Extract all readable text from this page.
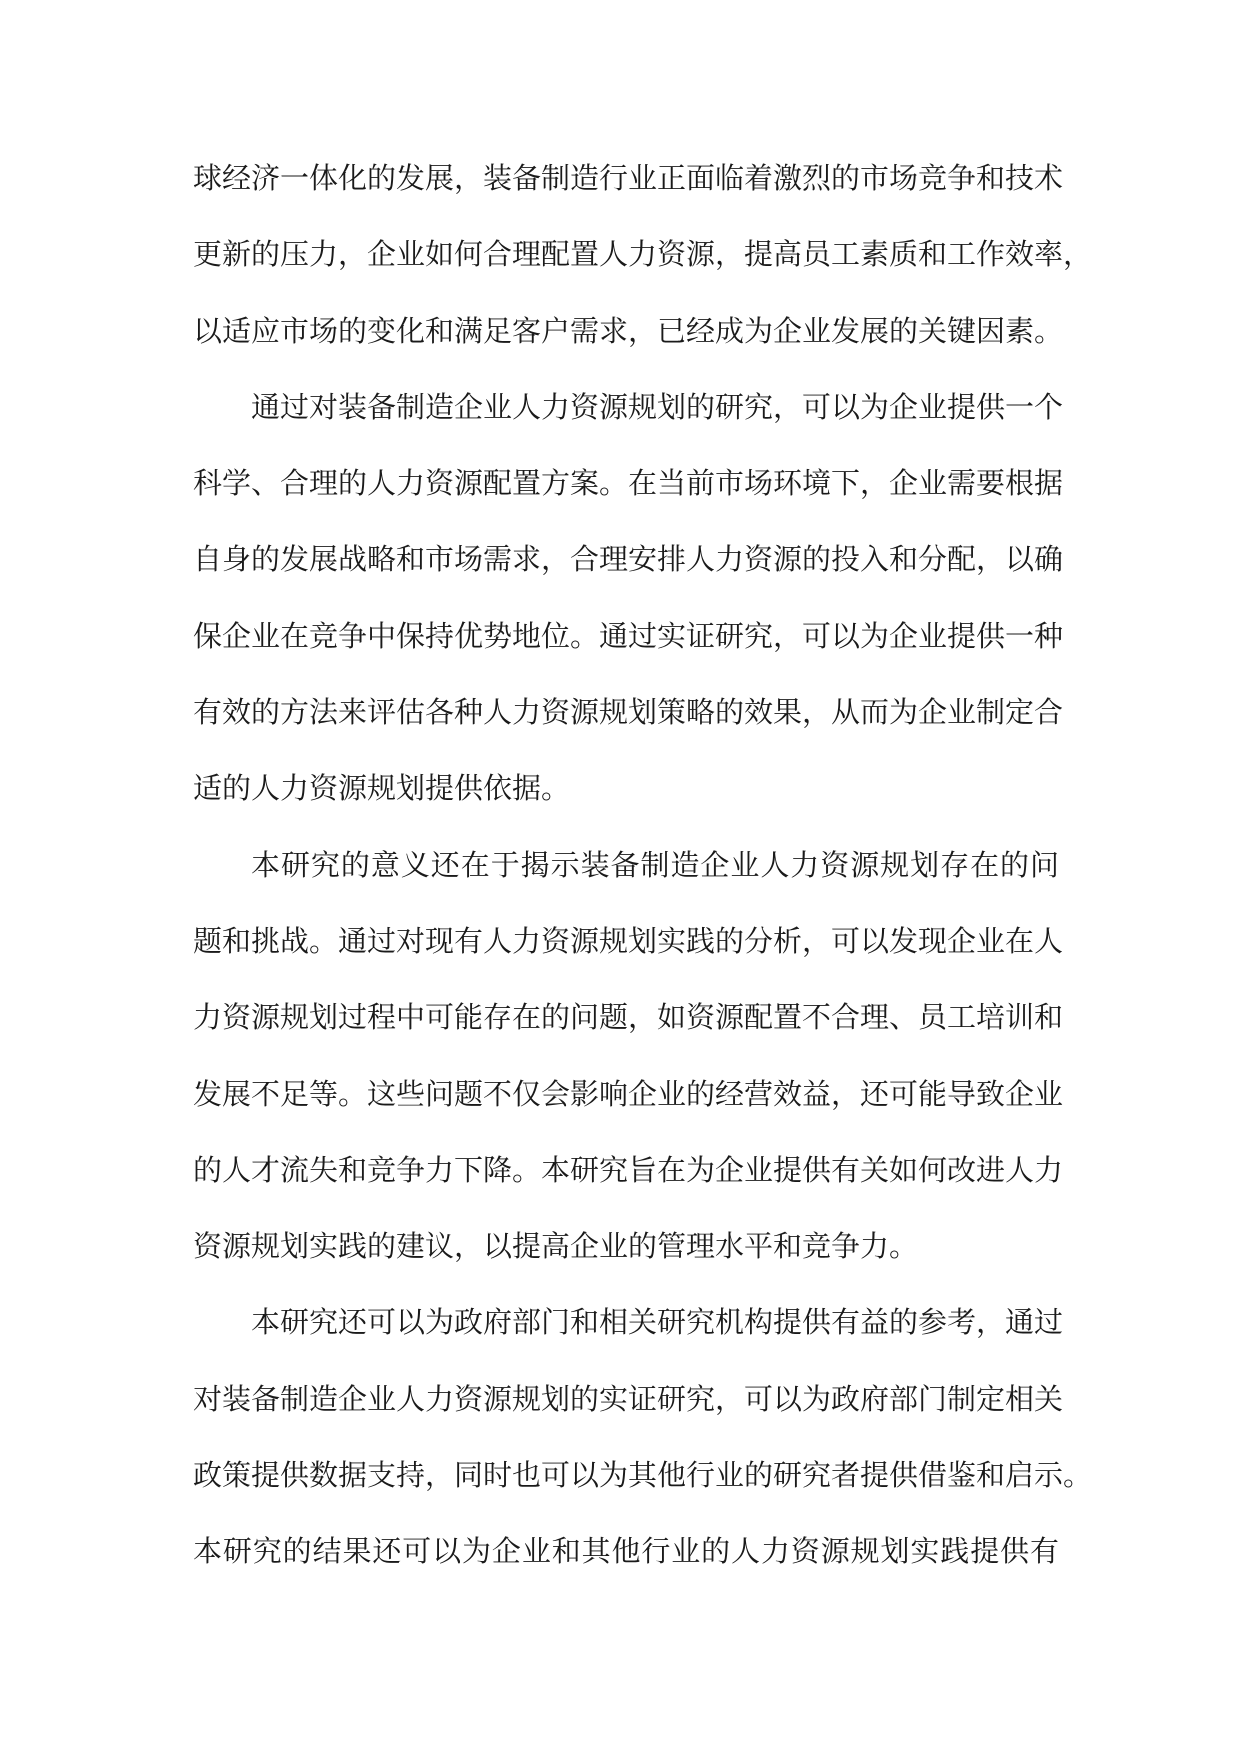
球经济一体化的发展，装备制造行业正面临着激烈的市场竞争和技术
更新的压力，企业如何合理配置人力资源，提高员工素质和工作效率，
以适应市场的变化和满足客户需求，已经成为企业发展的关键因素。
通过对装备制造企业人力资源规划的研究，可以为企业提供一个
科学、合理的人力资源配置方案。在当前市场环境下，企业需要根据
自身的发展战略和市场需求，合理安排人力资源的投入和分配，以确
保企业在竞争中保持优势地位。通过实证研究，可以为企业提供一种
有效的方法来评估各种人力资源规划策略的效果，从而为企业制定合
适的人力资源规划提供依据。
本研究的意义还在于揭示装备制造企业人力资源规划存在的问
题和挑战。通过对现有人力资源规划实践的分析，可以发现企业在人
力资源规划过程中可能存在的问题，如资源配置不合理、员工培训和
发展不足等。这些问题不仅会影响企业的经营效益，还可能导致企业
的人才流失和竞争力下降。本研究旨在为企业提供有关如何改进人力
资源规划实践的建议，以提高企业的管理水平和竞争力。
本研究还可以为政府部门和相关研究机构提供有益的参考，通过
对装备制造企业人力资源规划的实证研究，可以为政府部门制定相关
政策提供数据支持，同时也可以为其他行业的研究者提供借鉴和启示。
本研究的结果还可以为企业和其他行业的人力资源规划实践提供有
